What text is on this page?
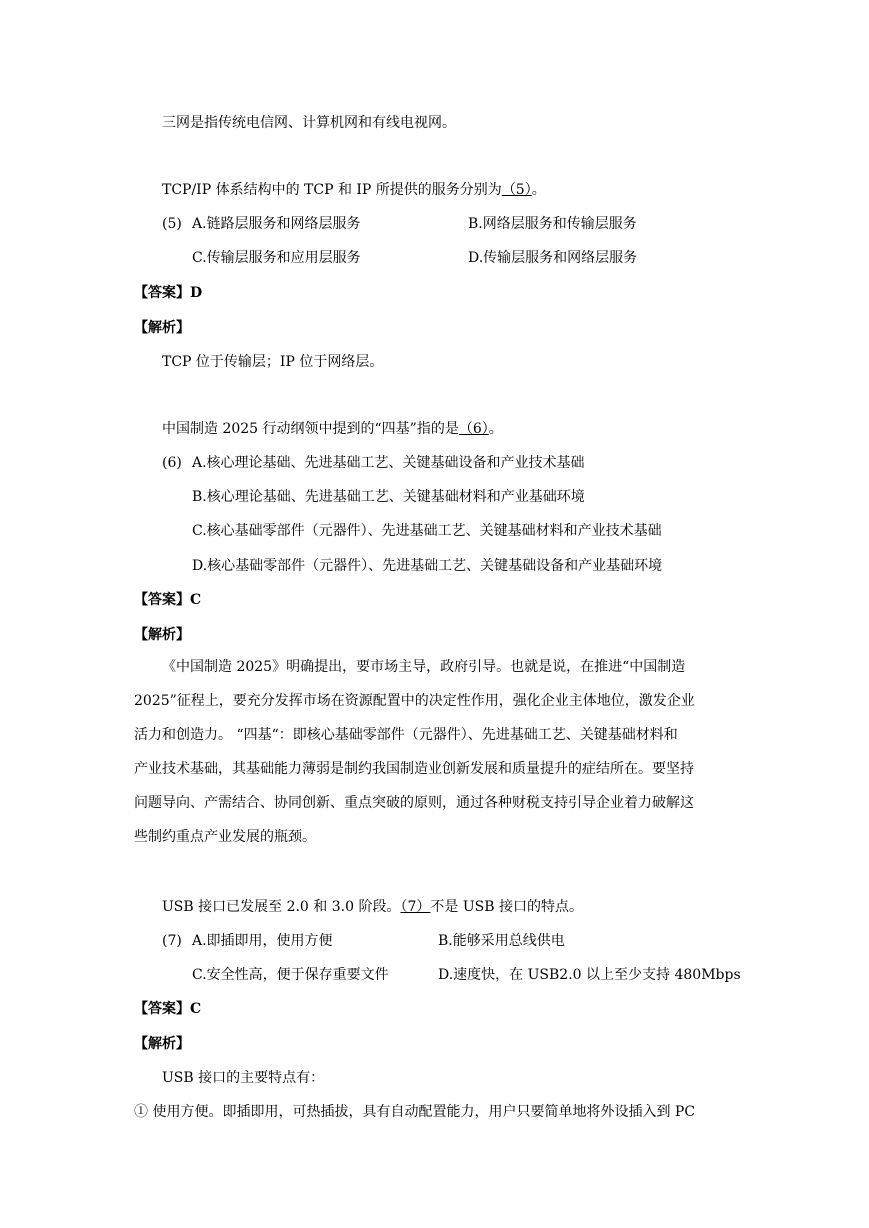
三网是指传统电信网、计算机网和有线电视网。
TCP/IP 体系结构中的 TCP 和 IP 所提供的服务分别为（5）。
(5) A.链路层服务和网络层服务	B.网络层服务和传输层服务
C.传输层服务和应用层服务	D.传输层服务和网络层服务
【答案】D
【解析】
TCP 位于传输层；IP 位于网络层。
中国制造 2025 行动纲领中提到的“四基”指的是（6）。
(6) A.核心理论基础、先进基础工艺、关键基础设备和产业技术基础
B.核心理论基础、先进基础工艺、关键基础材料和产业基础环境
C.核心基础零部件（元器件）、先进基础工艺、关键基础材料和产业技术基础
D.核心基础零部件（元器件）、先进基础工艺、关键基础设备和产业基础环境
【答案】C
【解析】
《中国制造 2025》明确提出，要市场主导，政府引导。也就是说，在推进“中国制造
2025”征程上，要充分发挥市场在资源配置中的决定性作用，强化企业主体地位，激发企业
活力和创造力。 “四基“：即核心基础零部件（元器件）、先进基础工艺、关键基础材料和
产业技术基础，其基础能力薄弱是制约我国制造业创新发展和质量提升的症结所在。要坚持
问题导向、产需结合、协同创新、重点突破的原则，通过各种财税支持引导企业着力破解这
些制约重点产业发展的瓶颈。
USB 接口已发展至 2.0 和 3.0 阶段。（7）不是 USB 接口的特点。
(7) A.即插即用，使用方便	B.能够采用总线供电
C.安全性高，便于保存重要文件	D.速度快，在 USB2.0 以上至少支持 480Mbps
【答案】C
【解析】
USB 接口的主要特点有：
① 使用方便。即插即用，可热插拔，具有自动配置能力，用户只要简单地将外设插入到 PC
